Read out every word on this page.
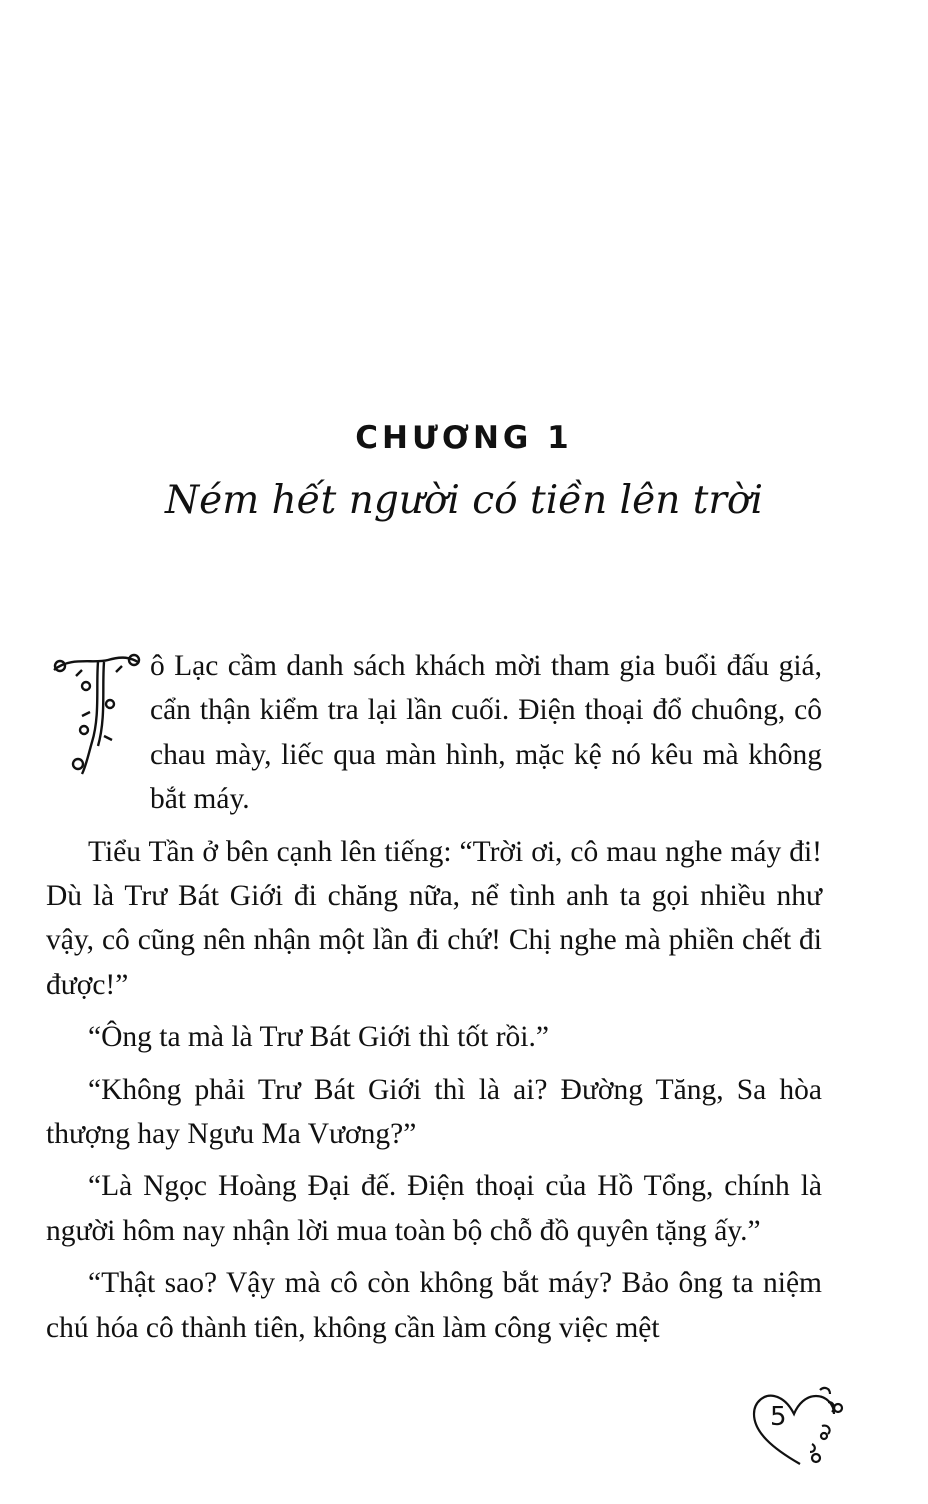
CHƯƠNG 1
Ném hết người có tiền lên trời

ô Lạc cầm danh sách khách mời tham gia buổi đấu giá, cẩn thận kiểm tra lại lần cuối. Điện thoại đổ chuông, cô chau mày, liếc qua màn hình, mặc kệ nó kêu mà không bắt máy.

Tiểu Tần ở bên cạnh lên tiếng: “Trời ơi, cô mau nghe máy đi! Dù là Trư Bát Giới đi chăng nữa, nể tình anh ta gọi nhiều như vậy, cô cũng nên nhận một lần đi chứ! Chị nghe mà phiền chết đi được!”

“Ông ta mà là Trư Bát Giới thì tốt rồi.”

“Không phải Trư Bát Giới thì là ai? Đường Tăng, Sa hòa thượng hay Ngưu Ma Vương?”

“Là Ngọc Hoàng Đại đế. Điện thoại của Hồ Tổng, chính là người hôm nay nhận lời mua toàn bộ chỗ đồ quyên tặng ấy.”

“Thật sao? Vậy mà cô còn không bắt máy? Bảo ông ta niệm chú hóa cô thành tiên, không cần làm công việc mệt

5
